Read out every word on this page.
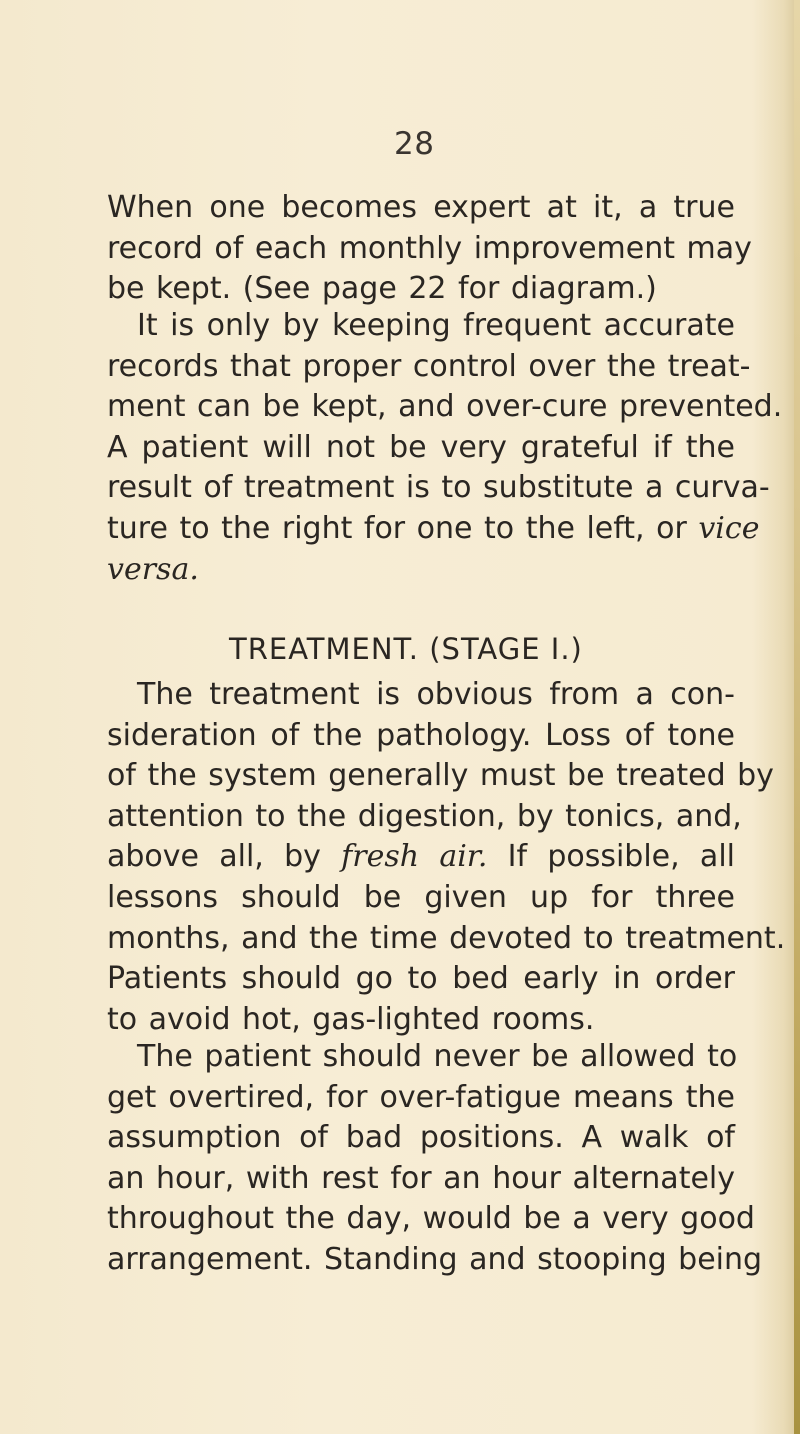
28
When one becomes expert at it, a true
record of each monthly improvement may
be kept. (See page 22 for diagram.)
It is only by keeping frequent accurate
records that proper control over the treat-
ment can be kept, and over-cure prevented.
A patient will not be very grateful if the
result of treatment is to substitute a curva-
ture to the right for one to the left, or vice
versa.
TREATMENT. (STAGE I.)
The treatment is obvious from a con-
sideration of the pathology. Loss of tone
of the system generally must be treated by
attention to the digestion, by tonics, and,
above all, by fresh air. If possible, all
lessons should be given up for three
months, and the time devoted to treatment.
Patients should go to bed early in order
to avoid hot, gas-lighted rooms.
The patient should never be allowed to
get overtired, for over-fatigue means the
assumption of bad positions. A walk of
an hour, with rest for an hour alternately
throughout the day, would be a very good
arrangement. Standing and stooping being
